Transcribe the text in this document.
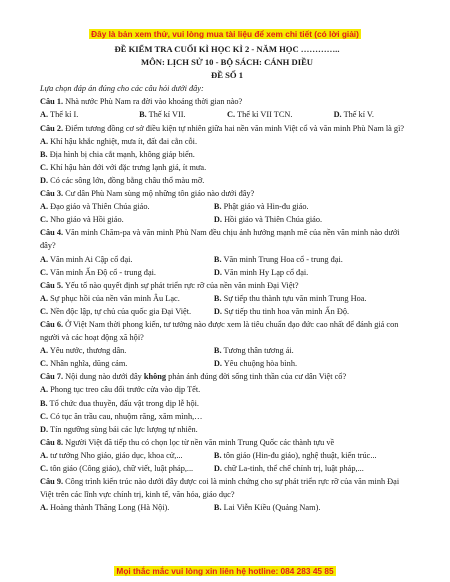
Đây là bản xem thử, vui lòng mua tài liệu để xem chi tiết (có lời giải)
ĐỀ KIỂM TRA CUỐI KÌ HỌC KÌ 2 - NĂM HỌC …………..
MÔN: LỊCH SỬ 10 - BỘ SÁCH: CÁNH DIỀU
ĐỀ SỐ 1
Lựa chọn đáp án đúng cho các câu hỏi dưới đây:
Câu 1. Nhà nước Phù Nam ra đời vào khoảng thời gian nào?
A. Thế kỉ I.	B. Thế kỉ VII.	C. Thế kỉ VII TCN.	D. Thế kỉ V.
Câu 2. Điểm tương đồng cơ sở điều kiện tự nhiên giữa hai nền văn minh Việt cổ và văn minh Phù Nam là gì?
A. Khí hậu khắc nghiệt, mưa ít, đất đai cằn cỗi.
B. Địa hình bị chia cắt mạnh, không giáp biển.
C. Khí hậu hàn đới với đặc trưng lạnh giá, ít mưa.
D. Có các sông lớn, đồng bằng châu thổ màu mỡ.
Câu 3. Cư dân Phù Nam sùng mộ những tôn giáo nào dưới đây?
A. Đạo giáo và Thiên Chúa giáo.	B. Phật giáo và Hin-đu giáo.
C. Nho giáo và Hồi giáo.	D. Hồi giáo và Thiên Chúa giáo.
Câu 4. Văn minh Chăm-pa và văn minh Phù Nam đều chịu ảnh hưởng mạnh mẽ của nền văn minh nào dưới đây?
A. Văn minh Ai Cập cổ đại.	B. Văn minh Trung Hoa cổ - trung đại.
C. Văn minh Ấn Độ cổ - trung đại.	D. Văn minh Hy Lạp cổ đại.
Câu 5. Yếu tố nào quyết định sự phát triển rực rỡ của nền văn minh Đại Việt?
A. Sự phục hồi của nền văn minh Âu Lạc.	B. Sự tiếp thu thành tựu văn minh Trung Hoa.
C. Nền độc lập, tự chủ của quốc gia Đại Việt.	D. Sự tiếp thu tinh hoa văn minh Ấn Độ.
Câu 6. Ở Việt Nam thời phong kiến, tư tưởng nào được xem là tiêu chuẩn đạo đức cao nhất để đánh giá con người và các hoạt động xã hội?
A. Yêu nước, thương dân.	B. Tương thân tương ái.
C. Nhân nghĩa, dũng cảm.	D. Yêu chuộng hòa bình.
Câu 7. Nội dung nào dưới đây không phản ánh đúng đời sống tinh thần của cư dân Việt cổ?
A. Phong tục treo câu đối trước cửa vào dịp Tết.
B. Tổ chức đua thuyền, đấu vật trong dịp lễ hội.
C. Có tục ăn trầu cau, nhuộm răng, xăm mình,…
D. Tín ngưỡng sùng bái các lực lượng tự nhiên.
Câu 8. Người Việt đã tiếp thu có chọn lọc từ nền văn minh Trung Quốc các thành tựu về
A. tư tưởng Nho giáo, giáo dục, khoa cử,...	B. tôn giáo (Hin-đu giáo), nghệ thuật, kiến trúc...
C. tôn giáo (Công giáo), chữ viết, luật pháp,...	D. chữ La-tinh, thể chế chính trị, luật pháp,...
Câu 9. Công trình kiến trúc nào dưới đây được coi là minh chứng cho sự phát triển rực rỡ của văn minh Đại Việt trên các lĩnh vực chính trị, kinh tế, văn hóa, giáo dục?
A. Hoàng thành Thăng Long (Hà Nội).	B. Lai Viễn Kiều (Quảng Nam).
Mọi thắc mắc vui lòng xin liên hệ hotline: 084 283 45 85
